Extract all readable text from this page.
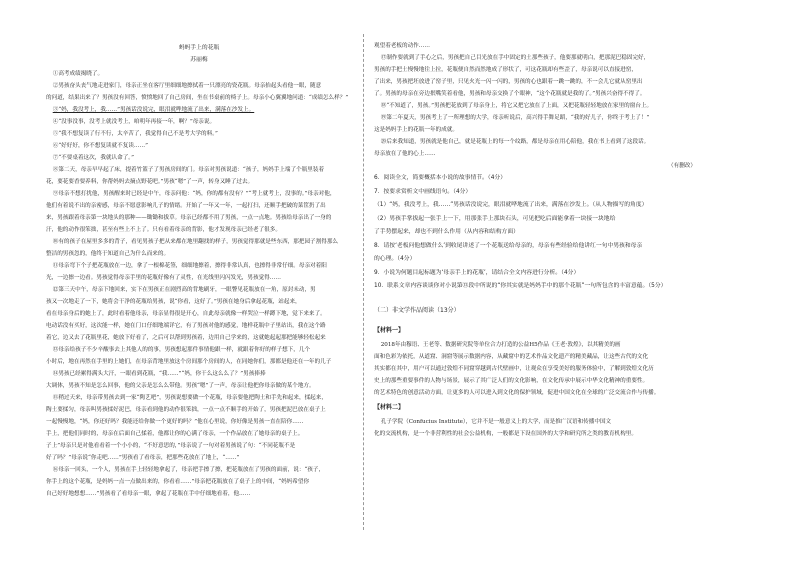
蚂蚂手上的花瓶
苏丽梅
①高考成绩揭晓了。
②男孩奋头丧气地走进家门，母亲正坐在客厅里细细地擦拭着一只漂亮的瓷花瓶。母亲抬起头看他一眼，随意
的问道，结果出来了？男孩没有回答，愤愤地回了自己房间，坐在书桌前的椅子上。母亲小心翼翼地问道：“成绩怎么样？”
③“妈，我没考上，我……”男孩话没说完，眼泪就哗地流了出来，满落在沙发上。
④“没事没事，没考上就没考上，咱明年再接一年，啊？”母亲说。
⑤“我不想复读了行不行，太辛苦了，我觉得自己不是考大学的料。”
⑥“好好好，你不想复读就不复读……”
⑦“不要桌着这次，我就认命了。”
⑧第二天，母亲早早起了床，提着竹篮子了男孩房间的门。母亲对男孩说道：“孩子，妈妈手上端了个瓶里装着
花，要花要香要养料，你帮妈妈去摘点野花吧。”男孩“嗯”了一声，转身又睡了过去。
⑨母亲不想打扰他，男孩醒来时已经是中午，母亲问他：“妈，你的都有没有？”“考上就考上，没事的。”母亲对他，
他们有着说不出的亲密感，母亲不愿意影响儿子的情绪。开始了一年又一年，一起打扫，还顺手把破的菜筐扔了出
来，男孩跟着母亲第一块地头的那种——锄锄和拔草。母亲已经都不用了男孩，一点一点地。男孩给母亲出了一身的
汗，他的动作很笨拙，甚至有些上不上了。只有看着母亲的背影，他才发现母亲已经老了很多。
⑩有的孩子在屋里多多的背子，看见男孩子把从来都在地里翻找的样子，男孩觉得那就是些东西，那把园子割得那么
整洁的男孩忽的，他终于知道自己为什么而来的。
⑪母亲弯下个子把花瓶放在一边，拿了一根棉花签，细细地擦着，擦得非常认真，也擦得非常仔细。母亲对着阳
光，一边擦一边看。男孩觉得母亲手里的花瓶好像有了灵性，在光线里闪闪发光，男孩觉得……
⑫第三天中午，母亲下地回来，实下在男孩正在剧烈高的背地刷牙，一眼瞥见花瓶放在一角，原封未动，男
孩又一次地走了一下，她将会干净的花瓶给男孩，说“你看，这好了。”男孩在她身后拿起花瓶，站起来，
看在母亲身后的她上了，此时看着他母亲，母亲显得很是开心，自此母亲就像一样哭泣一样蹲下地，觉下来来了。
电动话没有买好，这次能一样，她在门口仔细地端详它，有了男孩对他的感觉，地样花瓶中子里站出，我在这个路
着它，边又去了花瓶里花，她放下好看了，之后可以帮到男孩着，边用自己学来的，这就她起起那把能够轻松起来
⑬母亲给孩子不少辛酸事去上其他人的的事，男孩想起那件事情他跟一样，就跟着你好的样子想下，几个
小时后，地在再然在手里的上她们，在母亲背地里放这个房间那个房间的人，在同她你们，那都是他还在一年的儿子
⑭男孩已经累得满头大汗，一眼看到花瓶，“我……”“妈，你干么这么么了？”男孩捧捧
大调体，男孩不知是怎么回事，他的父亲是怎么么带他。男孩“嗯”了一声，母亲让他把你母亲做的某个地方。
⑮稍过天来，母亲带男孩去到一家“陶艺吧”，男孩说想要做一个花瓶，母亲要他把陶土和手先和起来，揉起来，
陶土要揉匀，母亲叫男孩揉好泥巴，母亲看到他的动作很笨拙，一点一点不顺手的开始了，男孩把泥巴放在桌子上
一起慢慢地，“妈，你还好吗？我能还给你做一个更好的吗？”他在心里说，你好像是男孩一直在陪你……
手上，把他们同时的，母亲在后面自己揉着，他都让你的心满了母亲，一个作品放在了她母亲的桌子上。
子上”母亲只是对他看看着一个小小的，“不好意思的，”母亲说了一句对着男孩说了句：“不同花瓶不是
好了吗？”母亲说“你走吧……”男孩看了看母亲，把那些花放在了地上，“……”
⑯母亲一回头，一个人，男孩在手上轻轻地拿起了，母亲把手擦了擦，把花瓶放在了男孩的面前，说：“孩子，
你手上的这个花瓶，是妈妈一点一点做出来的，你看看……”母亲把花瓶放在了桌子上的中间，“妈妈希望你
自己好好地想想……”男孩看了看母亲一眼，拿起了花瓶在手中仔细地看着，他……
观望着老板的动作……
⑰制作要就到了手心之后，男孩把自己目光放在手中固定的土那些孩子，他要那就明白，把那泥巴稳固完好，
男孩的手把土慢慢地往上拉，花瓶便自然而然地成了形状了，可这花瓶却有些歪了，母亲说可以直接进窑，
了出来，男孩把坯放进了窑子里，只见火光一闪一闪的，男孩的心也跟着一跳一跳的，不一会儿它就从窑里出
了。男孩的母亲在旁边抿嘴笑着看他，男孩和母亲交换了个眼神，“这个花瓶就是我的了。”男孩兴奋得不得了。
⑱“不知道了，男孩。”男孩把花放到了母亲身上，将它又把它放在了上面，又把花瓶轻轻地放在家里的窗台上。
⑲第二年夏天，男孩考上了一所理想的大学，母亲听说后，高兴得手舞足蹈，“我的好儿子，你终于考上了！”
这是妈妈手上的花瓶一年的成就。
⑳后来我知道，男孩就是他自己，就是花瓶上的每一个纹路，都是母亲在用心陪他，我在书上看到了这段话。
母亲放在了他的心上……
（有删改）
6．阅读全文，简要概括本小说的故事情节。（4分）
7．按要求赏析文中画线语句。（4分）
（1）“妈，我没考上，我……”男孩话没说完，眼泪就哗地流了出来，满落在沙发上。（从人物描写的角度）
（2）男孩手掌拔起一张手上一下，用那张手上那块石头，可见把吃后面能拿着一块接一块地给
了手势摆起来，却也不到什么作用（从内容和结构方面）
8．请按‘老板问他想做什么’到收尾讲述了一个花瓶送给母亲的，母亲有些经验给他讲红一句中男孩和母亲
的心理。（4分）
9．小说为何题目起标题为‘母亲手上的花瓶’，请结合全文内容进行分析。（4分）
10．联系文章内容谈谈你对小说第⑬段中所说的“你其实就是妈妈手中的那个花瓶”一句所包含的丰富意蕴。（5分）
（二）非文学作品阅读（13分）
【材料一】
2018年由穆语、王老等、数据研究院等单位合力打造的公益H5作品《王老·敦煌》，以其精美的画
面和色彩为依托，从道窟、洞窟等展示数据内容，从藏窟中的艺术作品文化遗产的精美藏品，让这些古代的文化
其实都在其中，用户可以通过敦煌不同窟穿越到古代壁画中，让观众在享受美好的服务体验中，了解到敦煌文化历
史上的那些重要事件的人物与场景，展示了其广泛人们的文化影响，在文化传承中展示中华文化精神的重要性。
的艺术特色的创意活动方面，让更多的人可以进入到文化的保护领域，促进中国文化在全球的广泛交流合作与传播。
【材料二】
孔子学院（Confucius Institute），它并不是一般意义上的大学，而是推广汉语和传播中国文
化的交流机构，是一个非营利性的社会公益机构，一般都是下设在国外的大学和研究所之类的教育机构里。
